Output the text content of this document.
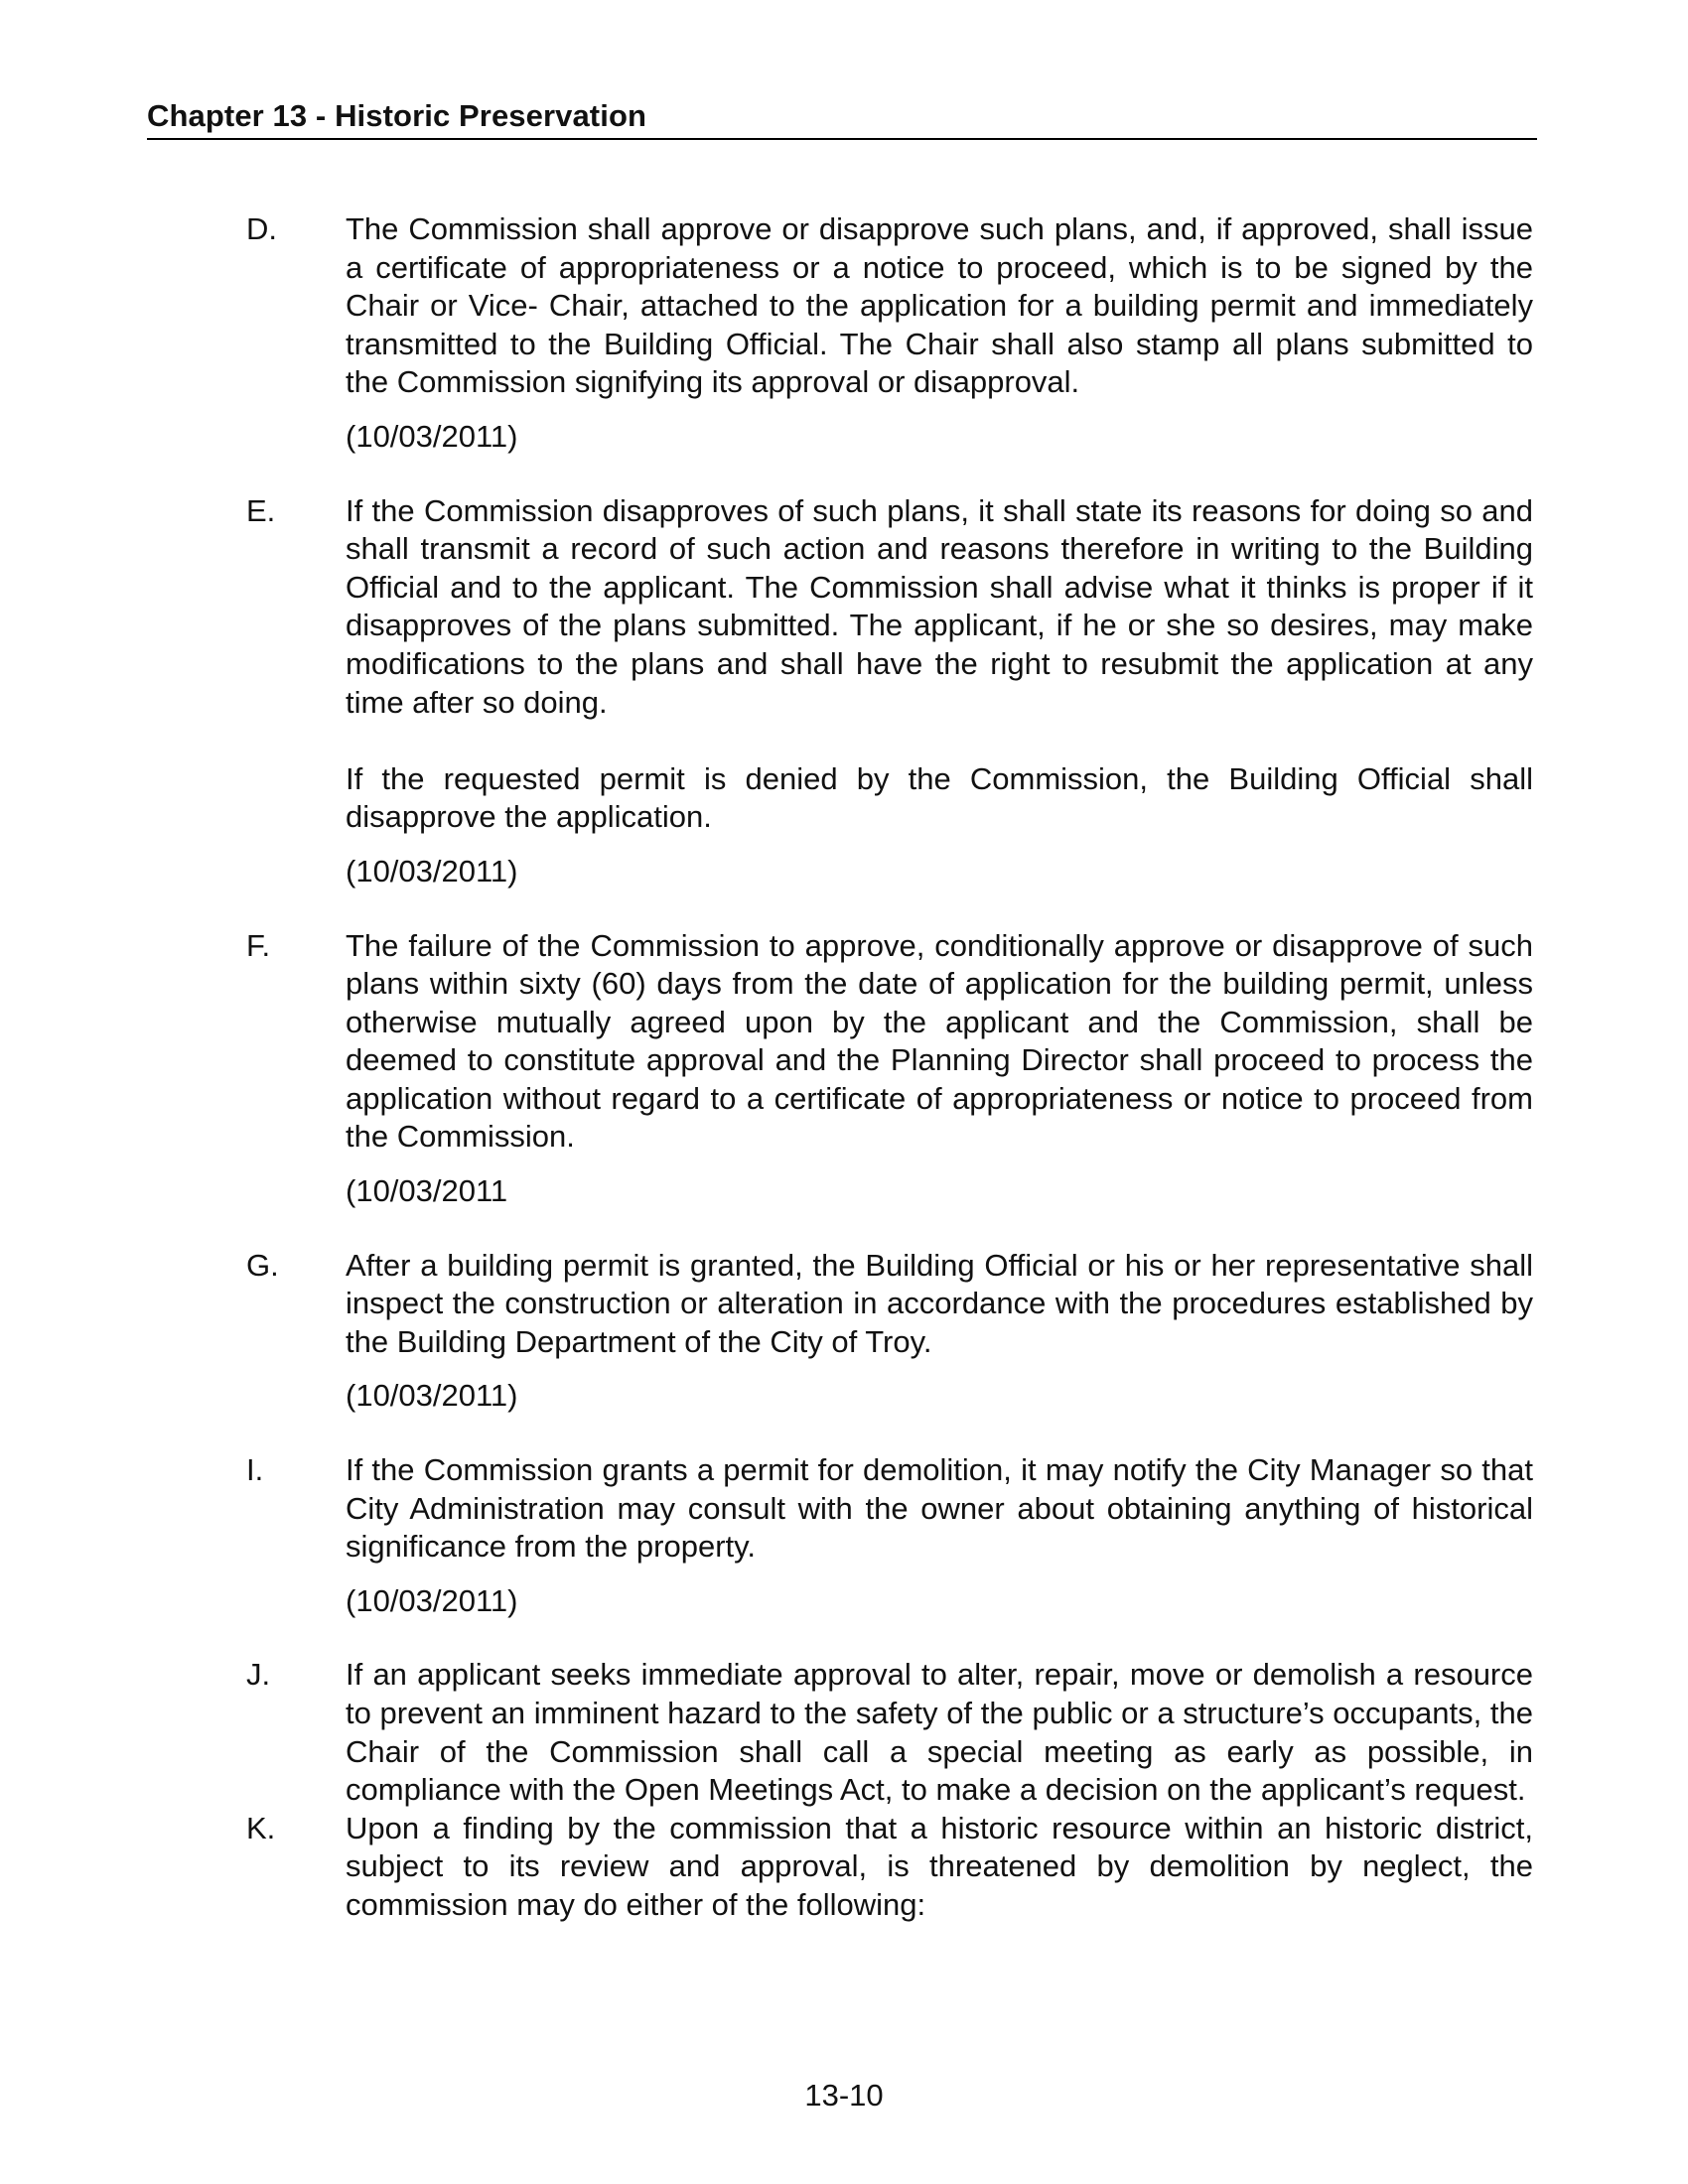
Chapter 13 - Historic Preservation
D. The Commission shall approve or disapprove such plans, and, if approved, shall issue a certificate of appropriateness or a notice to proceed, which is to be signed by the Chair or Vice- Chair, attached to the application for a building permit and immediately transmitted to the Building Official. The Chair shall also stamp all plans submitted to the Commission signifying its approval or disapproval.

(10/03/2011)

E. If the Commission disapproves of such plans, it shall state its reasons for doing so and shall transmit a record of such action and reasons therefore in writing to the Building Official and to the applicant. The Commission shall advise what it thinks is proper if it disapproves of the plans submitted. The applicant, if he or she so desires, may make modifications to the plans and shall have the right to resubmit the application at any time after so doing.

If the requested permit is denied by the Commission, the Building Official shall disapprove the application.

(10/03/2011)

F. The failure of the Commission to approve, conditionally approve or disapprove of such plans within sixty (60) days from the date of application for the building permit, unless otherwise mutually agreed upon by the applicant and the Commission, shall be deemed to constitute approval and the Planning Director shall proceed to process the application without regard to a certificate of appropriateness or notice to proceed from the Commission.

(10/03/2011

G. After a building permit is granted, the Building Official or his or her representative shall inspect the construction or alteration in accordance with the procedures established by the Building Department of the City of Troy.

(10/03/2011)

I.	If the Commission grants a permit for demolition, it may notify the City Manager so that City Administration may consult with the owner about obtaining anything of historical significance from the property.

(10/03/2011)

J. If an applicant seeks immediate approval to alter, repair, move or demolish a resource to prevent an imminent hazard to the safety of the public or a structure’s occupants, the Chair of the Commission shall call a special meeting as early as possible, in compliance with the Open Meetings Act, to make a decision on the applicant’s request.

K. Upon a finding by the commission that a historic resource within an historic district, subject to its review and approval, is threatened by demolition by neglect, the commission may do either of the following:

13-10
